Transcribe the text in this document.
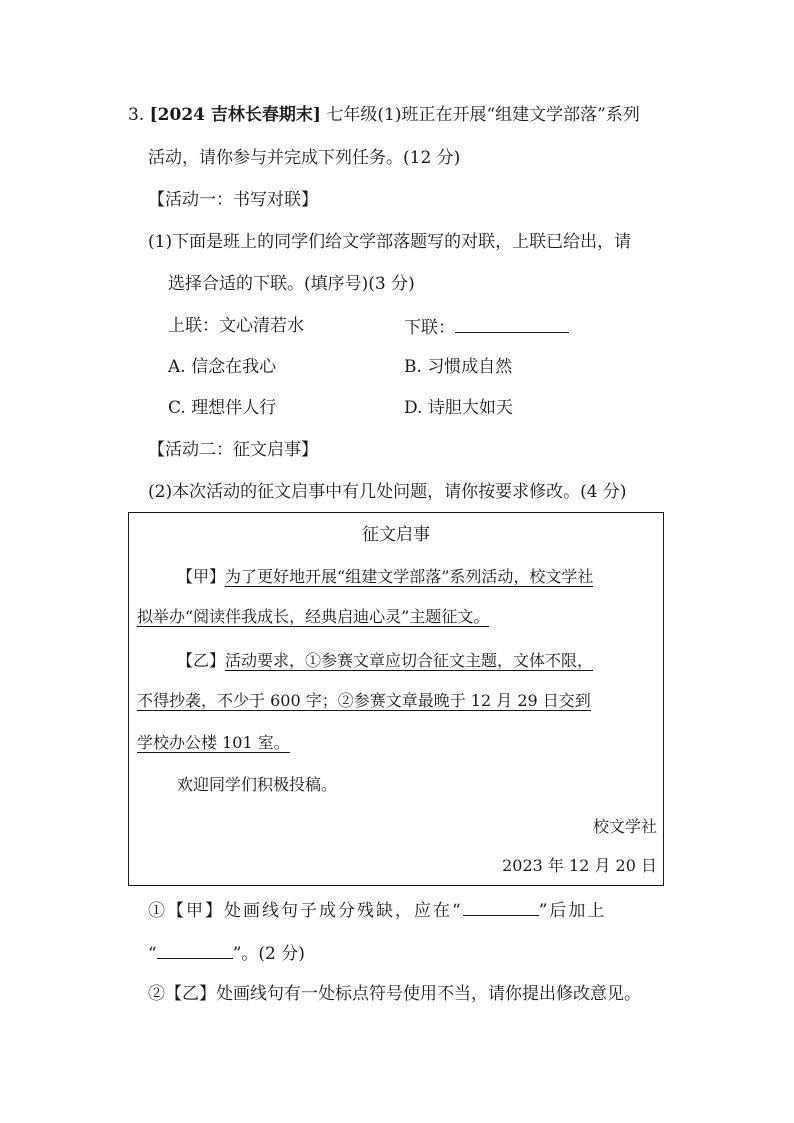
3. [2024 吉林长春期末] 七年级(1)班正在开展“组建文学部落”系列
活动，请你参与并完成下列任务。(12 分)
【活动一：书写对联】
(1)下面是班上的同学们给文学部落题写的对联，上联已给出，请
选择合适的下联。(填序号)(3 分)
上联：文心清若水	下联：
A. 信念在我心	B. 习惯成自然
C. 理想伴人行	D. 诗胆大如天
【活动二：征文启事】
(2)本次活动的征文启事中有几处问题，请你按要求修改。(4 分)
征文启事
【甲】为了更好地开展“组建文学部落”系列活动，校文学社
拟举办“阅读伴我成长，经典启迪心灵”主题征文。
【乙】活动要求，①参赛文章应切合征文主题，文体不限，
不得抄袭，不少于 600 字；②参赛文章最晚于 12 月 29 日交到
学校办公楼 101 室。
欢迎同学们积极投稿。
校文学社
2023 年 12 月 20 日
①【甲】处画线句子成分残缺，应在“	”后加上
“	”。(2 分)
②【乙】处画线句有一处标点符号使用不当，请你提出修改意见。
